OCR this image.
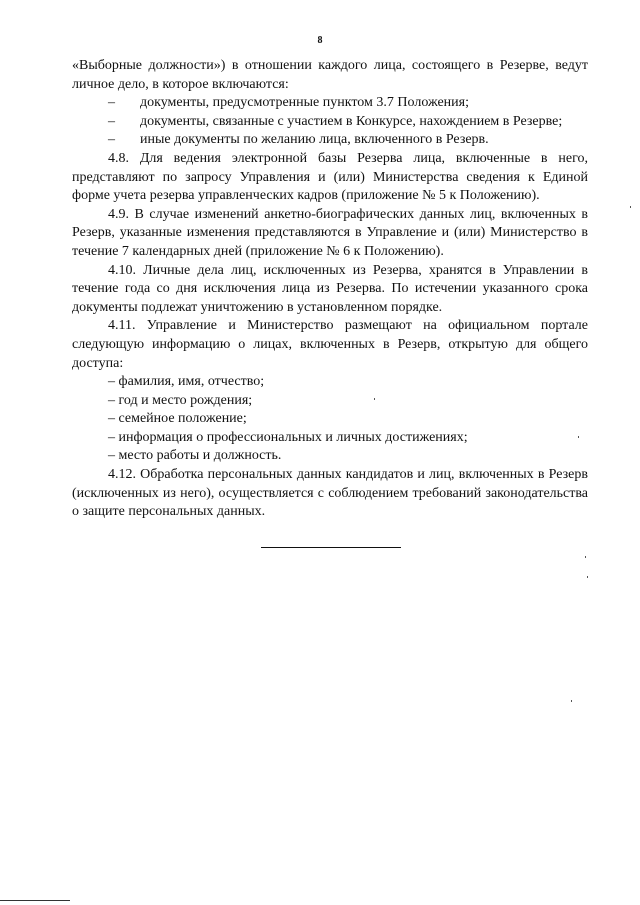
8

«Выборные должности») в отношении каждого лица, состоящего в Резерве, ведут личное дело, в которое включаются:

–	документы, предусмотренные пунктом 3.7 Положения;
–	документы, связанные с участием в Конкурсе, нахождением в Резерве;
–	иные документы по желанию лица, включенного в Резерв.

4.8. Для ведения электронной базы Резерва лица, включенные в него, представляют по запросу Управления и (или) Министерства сведения к Единой форме учета резерва управленческих кадров (приложение № 5 к Положению).

4.9. В случае изменений анкетно-биографических данных лиц, включенных в Резерв, указанные изменения представляются в Управление и (или) Министерство в течение 7 календарных дней (приложение № 6 к Положению).

4.10. Личные дела лиц, исключенных из Резерва, хранятся в Управлении в течение года со дня исключения лица из Резерва. По истечении указанного срока документы подлежат уничтожению в установленном порядке.

4.11. Управление и Министерство размещают на официальном портале следующую информацию о лицах, включенных в Резерв, открытую для общего доступа:

– фамилия, имя, отчество;

– год и место рождения;

– семейное положение;

– информация о профессиональных и личных достижениях;

– место работы и должность.

4.12. Обработка персональных данных кандидатов и лиц, включенных в Резерв (исключенных из него), осуществляется с соблюдением требований законодательства о защите персональных данных.
